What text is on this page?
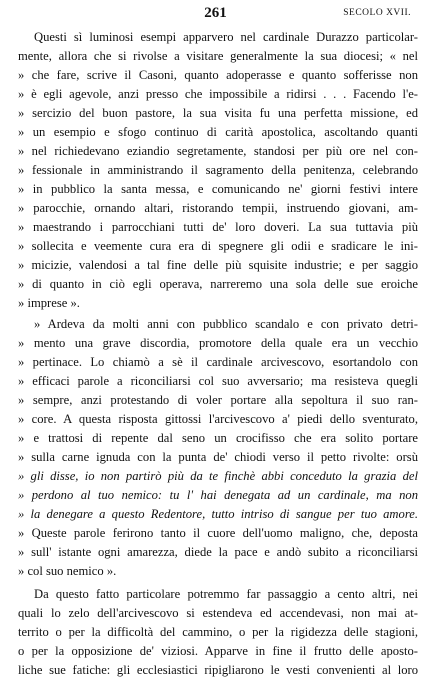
261	SECOLO XVII.
Questi sì luminosi esempi apparvero nel cardinale Durazzo particolar-
mente, allora che si rivolse a visitare generalmente la sua diocesi; « nel
» che fare, scrive il Casoni, quanto adoperasse e quanto sofferisse non
» è egli agevole, anzi presso che impossibile a ridirsi . . . Facendo l'e-
» sercizio del buon pastore, la sua visita fu una perfetta missione, ed
» un esempio e sfogo continuo di carità apostolica, ascoltando quanti
» nel richiedevano eziandio segretamente, standosi per più ore nel con-
» fessionale in amministrando il sagramento della penitenza, celebrando
» in pubblico la santa messa, e comunicando ne' giorni festivi intere
» parocchie, ornando altari, ristorando tempii, instruendo giovani, am-
» maestrando i parrocchiani tutti de' loro doveri. La sua tuttavia più
» sollecita e veemente cura era di spegnere gli odii e sradicare le ini-
» micizie, valendosi a tal fine delle più squisite industrie; e per saggio
» di quanto in ciò egli operava, narreremo una sola delle sue eroiche
» imprese ».
» Ardeva da molti anni con pubblico scandalo e con privato detri-
» mento una grave discordia, promotore della quale era un vecchio
» pertinace. Lo chiamò a sè il cardinale arcivescovo, esortandolo con
» efficaci parole a riconciliarsi col suo avversario; ma resisteva quegli
» sempre, anzi protestando di voler portare alla sepoltura il suo ran-
» core. A questa risposta gittossi l'arcivescovo a' piedi dello sventurato,
» e trattosi di repente dal seno un crocifisso che era solito portare
» sulla carne ignuda con la punta de' chiodi verso il petto rivolte: orsù
» gli disse, io non partirò più da te finchè abbi conceduto la grazia del
» perdono al tuo nemico: tu l' hai denegata ad un cardinale, ma non
» la denegare a questo Redentore, tutto intriso di sangue per tuo amore.
» Queste parole ferirono tanto il cuore dell'uomo maligno, che, deposta
» sull' istante ogni amarezza, diede la pace e andò subito a riconciliarsi
» col suo nemico ».
Da questo fatto particolare potremmo far passaggio a cento altri, nei
quali lo zelo dell'arcivescovo si estendeva ed accendevasi, non mai at-
territo o per la difficoltà del cammino, o per la rigidezza delle stagioni,
o per la opposizione de' viziosi. Apparve in fine il frutto delle aposto-
liche sue fatiche: gli ecclesiastici ripigliarono le vesti convenienti al loro
